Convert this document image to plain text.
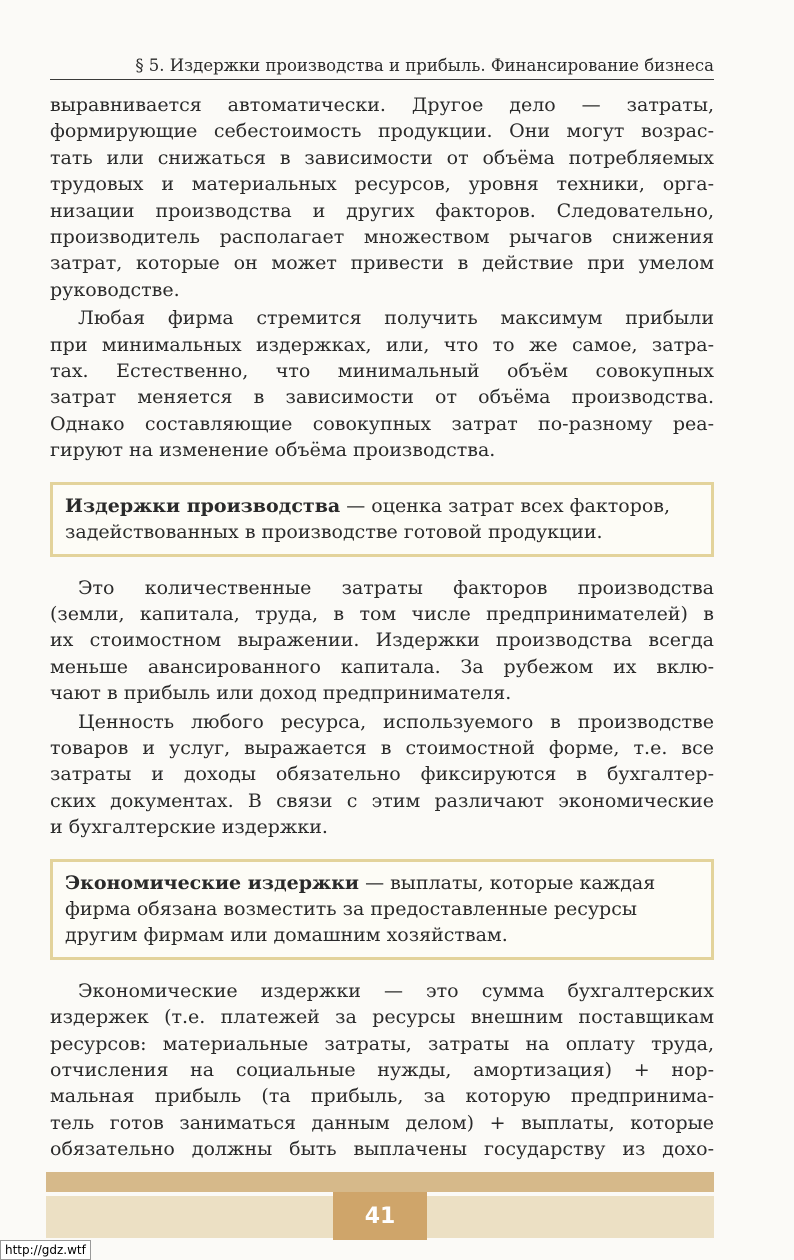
§ 5. Издержки производства и прибыль. Финансирование бизнеса

выравнивается автоматически. Другое дело — затраты,
формирующие себестоимость продукции. Они могут возрас-
тать или снижаться в зависимости от объёма потребляемых
трудовых и материальных ресурсов, уровня техники, орга-
низации производства и других факторов. Следовательно,
производитель располагает множеством рычагов снижения
затрат, которые он может привести в действие при умелом
руководстве.

Любая фирма стремится получить максимум прибыли
при минимальных издержках, или, что то же самое, затра-
тах. Естественно, что минимальный объём совокупных
затрат меняется в зависимости от объёма производства.
Однако составляющие совокупных затрат по-разному реа-
гируют на изменение объёма производства.

Издержки производства — оценка затрат всех факторов,
задействованных в производстве готовой продукции.

Это количественные затраты факторов производства
(земли, капитала, труда, в том числе предпринимателей) в
их стоимостном выражении. Издержки производства всегда
меньше авансированного капитала. За рубежом их вклю-
чают в прибыль или доход предпринимателя.

Ценность любого ресурса, используемого в производстве
товаров и услуг, выражается в стоимостной форме, т.е. все
затраты и доходы обязательно фиксируются в бухгалтер-
ских документах. В связи с этим различают экономические
и бухгалтерские издержки.

Экономические издержки — выплаты, которые каждая
фирма обязана возместить за предоставленные ресурсы
другим фирмам или домашним хозяйствам.

Экономические издержки — это сумма бухгалтерских
издержек (т.е. платежей за ресурсы внешним поставщикам
ресурсов: материальные затраты, затраты на оплату труда,
отчисления на социальные нужды, амортизация) + нор-
мальная прибыль (та прибыль, за которую предпринима-
тель готов заниматься данным делом) + выплаты, которые
обязательно должны быть выплачены государству из дохо-

41
http://gdz.wtf
